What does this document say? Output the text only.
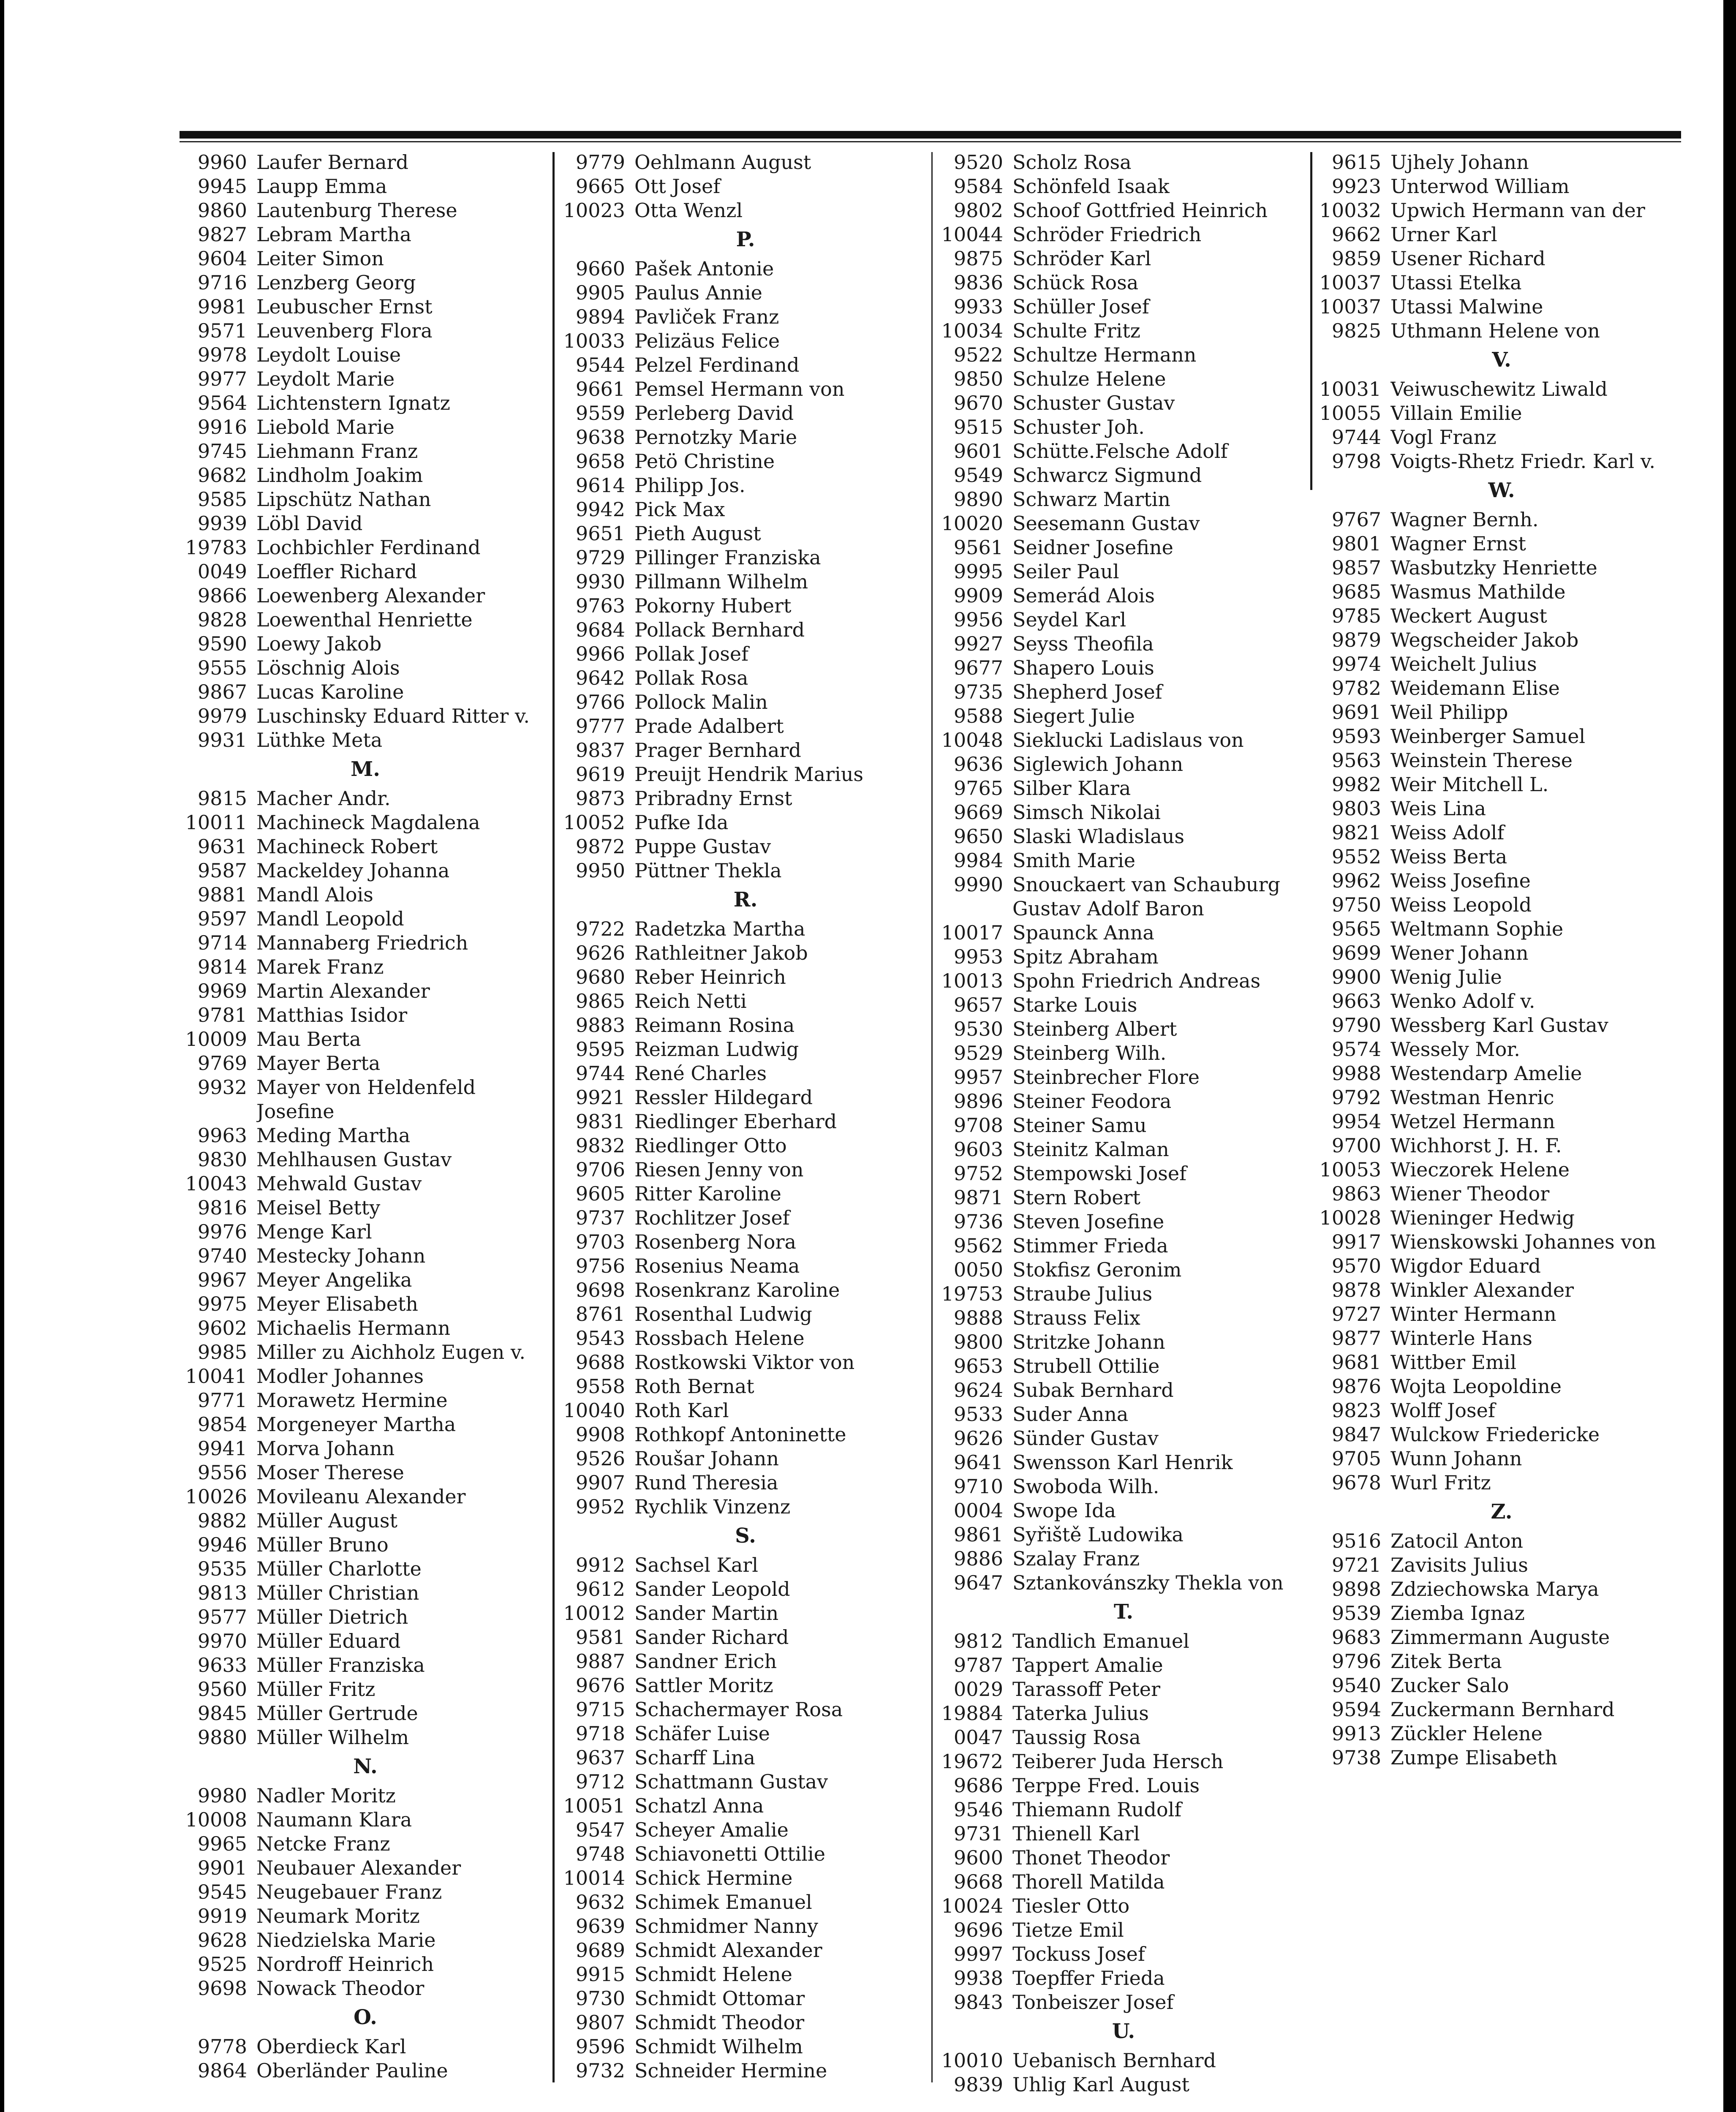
9960 Laufer Bernard
9945 Laupp Emma
9860 Lautenburg Therese
9827 Lebram Martha
9604 Leiter Simon
9716 Lenzberg Georg
9981 Leubuscher Ernst
9571 Leuvenberg Flora
9978 Leydolt Louise
9977 Leydolt Marie
9564 Lichtenstern Ignatz
9916 Liebold Marie
9745 Liehmann Franz
9682 Lindholm Joakim
9585 Lipschütz Nathan
9939 Löbl David
19783 Lochbichler Ferdinand
0049 Loeffler Richard
9866 Loewenberg Alexander
9828 Loewenthal Henriette
9590 Loewy Jakob
9555 Löschnig Alois
9867 Lucas Karoline
9979 Luschinsky Eduard Ritter v.
9931 Lüthke Meta
M.
9815 Macher Andr.
10011 Machineck Magdalena
9631 Machineck Robert
9587 Mackeldey Johanna
9881 Mandl Alois
9597 Mandl Leopold
9714 Mannaberg Friedrich
9814 Marek Franz
9969 Martin Alexander
9781 Matthias Isidor
10009 Mau Berta
9769 Mayer Berta
9932 Mayer von Heldenfeld
Josefine
9963 Meding Martha
9830 Mehlhausen Gustav
10043 Mehwald Gustav
9816 Meisel Betty
9976 Menge Karl
9740 Mestecky Johann
9967 Meyer Angelika
9975 Meyer Elisabeth
9602 Michaelis Hermann
9985 Miller zu Aichholz Eugen v.
10041 Modler Johannes
9771 Morawetz Hermine
9854 Morgeneyer Martha
9941 Morva Johann
9556 Moser Therese
10026 Movileanu Alexander
9882 Müller August
9946 Müller Bruno
9535 Müller Charlotte
9813 Müller Christian
9577 Müller Dietrich
9970 Müller Eduard
9633 Müller Franziska
9560 Müller Fritz
9845 Müller Gertrude
9880 Müller Wilhelm
N.
9980 Nadler Moritz
10008 Naumann Klara
9965 Netcke Franz
9901 Neubauer Alexander
9545 Neugebauer Franz
9919 Neumark Moritz
9628 Niedzielska Marie
9525 Nordroff Heinrich
9698 Nowack Theodor
O.
9778 Oberdieck Karl
9864 Oberländer Pauline
9779 Oehlmann August
9665 Ott Josef
10023 Otta Wenzl
P.
9660 Pašek Antonie
9905 Paulus Annie
9894 Pavliček Franz
10033 Pelizäus Felice
9544 Pelzel Ferdinand
9661 Pemsel Hermann von
9559 Perleberg David
9638 Pernotzky Marie
9658 Petö Christine
9614 Philipp Jos.
9942 Pick Max
9651 Pieth August
9729 Pillinger Franziska
9930 Pillmann Wilhelm
9763 Pokorny Hubert
9684 Pollack Bernhard
9966 Pollak Josef
9642 Pollak Rosa
9766 Pollock Malin
9777 Prade Adalbert
9837 Prager Bernhard
9619 Preuijt Hendrik Marius
9873 Pribradny Ernst
10052 Pufke Ida
9872 Puppe Gustav
9950 Püttner Thekla
R.
9722 Radetzka Martha
9626 Rathleitner Jakob
9680 Reber Heinrich
9865 Reich Netti
9883 Reimann Rosina
9595 Reizman Ludwig
9744 René Charles
9921 Ressler Hildegard
9831 Riedlinger Eberhard
9832 Riedlinger Otto
9706 Riesen Jenny von
9605 Ritter Karoline
9737 Rochlitzer Josef
9703 Rosenberg Nora
9756 Rosenius Neama
9698 Rosenkranz Karoline
8761 Rosenthal Ludwig
9543 Rossbach Helene
9688 Rostkowski Viktor von
9558 Roth Bernat
10040 Roth Karl
9908 Rothkopf Antoninette
9526 Roušar Johann
9907 Rund Theresia
9952 Rychlik Vinzenz
S.
9912 Sachsel Karl
9612 Sander Leopold
10012 Sander Martin
9581 Sander Richard
9887 Sandner Erich
9676 Sattler Moritz
9715 Schachermayer Rosa
9718 Schäfer Luise
9637 Scharff Lina
9712 Schattmann Gustav
10051 Schatzl Anna
9547 Scheyer Amalie
9748 Schiavonetti Ottilie
10014 Schick Hermine
9632 Schimek Emanuel
9639 Schmidmer Nanny
9689 Schmidt Alexander
9915 Schmidt Helene
9730 Schmidt Ottomar
9807 Schmidt Theodor
9596 Schmidt Wilhelm
9732 Schneider Hermine
9520 Scholz Rosa
9584 Schönfeld Isaak
9802 Schoof Gottfried Heinrich
10044 Schröder Friedrich
9875 Schröder Karl
9836 Schück Rosa
9933 Schüller Josef
10034 Schulte Fritz
9522 Schultze Hermann
9850 Schulze Helene
9670 Schuster Gustav
9515 Schuster Joh.
9601 Schütte.Felsche Adolf
9549 Schwarcz Sigmund
9890 Schwarz Martin
10020 Seesemann Gustav
9561 Seidner Josefine
9995 Seiler Paul
9909 Semerád Alois
9956 Seydel Karl
9927 Seyss Theofila
9677 Shapero Louis
9735 Shepherd Josef
9588 Siegert Julie
10048 Sieklucki Ladislaus von
9636 Siglewich Johann
9765 Silber Klara
9669 Simsch Nikolai
9650 Slaski Wladislaus
9984 Smith Marie
9990 Snouckaert van Schauburg
Gustav Adolf Baron
10017 Spaunck Anna
9953 Spitz Abraham
10013 Spohn Friedrich Andreas
9657 Starke Louis
9530 Steinberg Albert
9529 Steinberg Wilh.
9957 Steinbrecher Flore
9896 Steiner Feodora
9708 Steiner Samu
9603 Steinitz Kalman
9752 Stempowski Josef
9871 Stern Robert
9736 Steven Josefine
9562 Stimmer Frieda
0050 Stokfisz Geronim
19753 Straube Julius
9888 Strauss Felix
9800 Stritzke Johann
9653 Strubell Ottilie
9624 Subak Bernhard
9533 Suder Anna
9626 Sünder Gustav
9641 Swensson Karl Henrik
9710 Swoboda Wilh.
0004 Swope Ida
9861 Syřiště Ludowika
9886 Szalay Franz
9647 Sztankovánszky Thekla von
T.
9812 Tandlich Emanuel
9787 Tappert Amalie
0029 Tarassoff Peter
19884 Taterka Julius
0047 Taussig Rosa
19672 Teiberer Juda Hersch
9686 Terppe Fred. Louis
9546 Thiemann Rudolf
9731 Thienell Karl
9600 Thonet Theodor
9668 Thorell Matilda
10024 Tiesler Otto
9696 Tietze Emil
9997 Tockuss Josef
9938 Toepffer Frieda
9843 Tonbeiszer Josef
U.
10010 Uebanisch Bernhard
9839 Uhlig Karl August
9615 Ujhely Johann
9923 Unterwod William
10032 Upwich Hermann van der
9662 Urner Karl
9859 Usener Richard
10037 Utassi Etelka
10037 Utassi Malwine
9825 Uthmann Helene von
V.
10031 Veiwuschewitz Liwald
10055 Villain Emilie
9744 Vogl Franz
9798 Voigts-Rhetz Friedr. Karl v.
W.
9767 Wagner Bernh.
9801 Wagner Ernst
9857 Wasbutzky Henriette
9685 Wasmus Mathilde
9785 Weckert August
9879 Wegscheider Jakob
9974 Weichelt Julius
9782 Weidemann Elise
9691 Weil Philipp
9593 Weinberger Samuel
9563 Weinstein Therese
9982 Weir Mitchell L.
9803 Weis Lina
9821 Weiss Adolf
9552 Weiss Berta
9962 Weiss Josefine
9750 Weiss Leopold
9565 Weltmann Sophie
9699 Wener Johann
9900 Wenig Julie
9663 Wenko Adolf v.
9790 Wessberg Karl Gustav
9574 Wessely Mor.
9988 Westendarp Amelie
9792 Westman Henric
9954 Wetzel Hermann
9700 Wichhorst J. H. F.
10053 Wieczorek Helene
9863 Wiener Theodor
10028 Wieninger Hedwig
9917 Wienskowski Johannes von
9570 Wigdor Eduard
9878 Winkler Alexander
9727 Winter Hermann
9877 Winterle Hans
9681 Wittber Emil
9876 Wojta Leopoldine
9823 Wolff Josef
9847 Wulckow Friedericke
9705 Wunn Johann
9678 Wurl Fritz
Z.
9516 Zatocil Anton
9721 Zavisits Julius
9898 Zdziechowska Marya
9539 Ziemba Ignaz
9683 Zimmermann Auguste
9796 Zitek Berta
9540 Zucker Salo
9594 Zuckermann Bernhard
9913 Zückler Helene
9738 Zumpe Elisabeth
